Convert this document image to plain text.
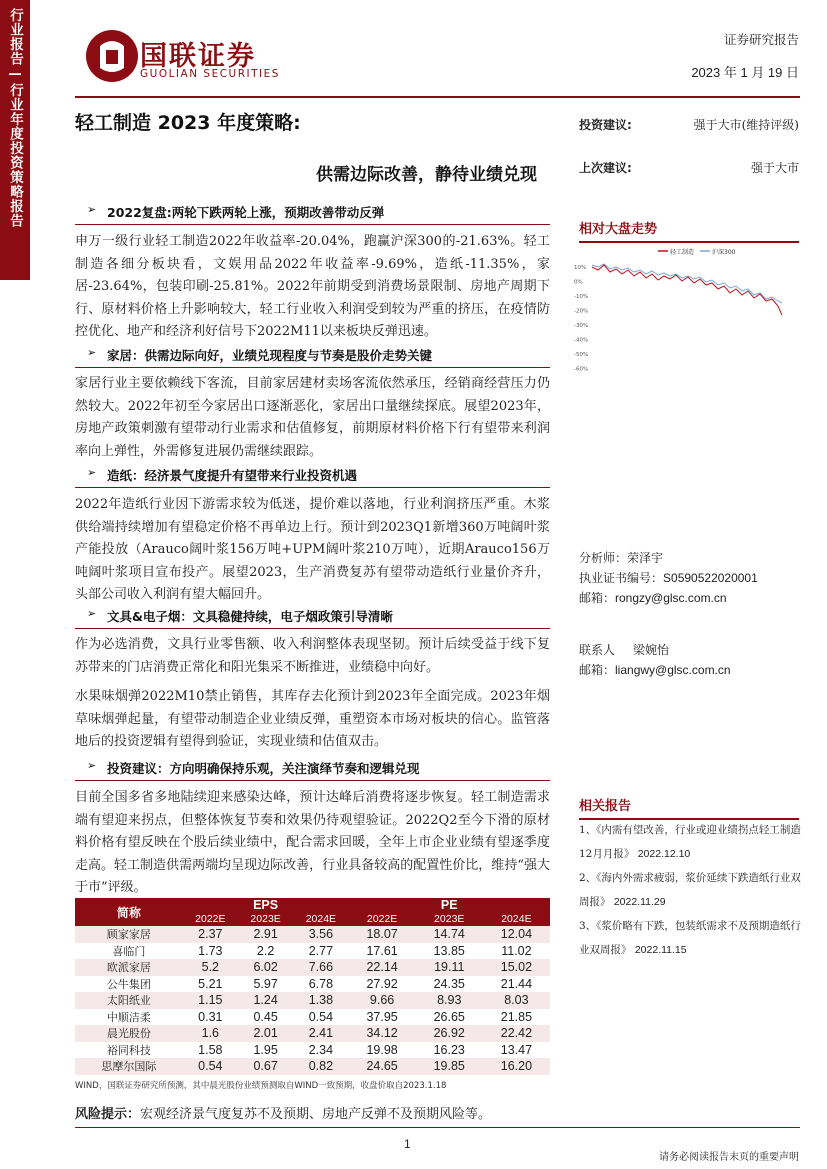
行业报告—行业年度投资策略报告	国联证券
GUOLIAN SECURITIES
证券研究报告
2023 年 1 月 19 日
轻工制造 2023 年度策略:
供需边际改善，静待业绩兑现
投资建议:	强于大市(维持评级)
上次建议:	强于大市
➢ 2022复盘:两轮下跌两轮上涨，预期改善带动反弹
申万一级行业轻工制造2022年收益率-20.04%，跑赢沪深300的-21.63%。轻工制造各细分板块看，文娱用品2022年收益率-9.69%，造纸-11.35%，家居-23.64%，包装印刷-25.81%。2022年前期受到消费场景限制、房地产周期下行、原材料价格上升影响较大，轻工行业收入利润受到较为严重的挤压，在疫情防控优化、地产和经济利好信号下2022M11以来板块反弹迅速。
➢ 家居：供需边际向好，业绩兑现程度与节奏是股价走势关键
家居行业主要依赖线下客流，目前家居建材卖场客流依然承压，经销商经营压力仍然较大。2022年初至今家居出口逐渐恶化，家居出口量继续探底。展望2023年，房地产政策刺激有望带动行业需求和估值修复，前期原材料价格下行有望带来利润率向上弹性，外需修复进展仍需继续跟踪。
➢ 造纸：经济景气度提升有望带来行业投资机遇
2022年造纸行业因下游需求较为低迷，提价难以落地，行业利润挤压严重。木浆供给端持续增加有望稳定价格不再单边上行。预计到2023Q1新增360万吨阔叶浆产能投放（Arauco阔叶浆156万吨+UPM阔叶浆210万吨），近期Arauco156万吨阔叶浆项目宣布投产。展望2023，生产消费复苏有望带动造纸行业量价齐升，头部公司收入利润有望大幅回升。
➢ 文具&电子烟：文具稳健持续，电子烟政策引导清晰
作为必选消费，文具行业零售额、收入利润整体表现坚韧。预计后续受益于线下复苏带来的门店消费正常化和阳光集采不断推进，业绩稳中向好。
水果味烟弹2022M10禁止销售，其库存去化预计到2023年全面完成。2023年烟草味烟弹起量，有望带动制造企业业绩反弹，重塑资本市场对板块的信心。监管落地后的投资逻辑有望得到验证，实现业绩和估值双击。
➢ 投资建议：方向明确保持乐观，关注演绎节奏和逻辑兑现
目前全国多省多地陆续迎来感染达峰，预计达峰后消费将逐步恢复。轻工制造需求端有望迎来拐点，但整体恢复节奏和效果仍待观望验证。2022Q2至今下滑的原材料价格有望反映在个股后续业绩中，配合需求回暖，全年上市企业业绩有望逐季度走高。轻工制造供需两端均呈现边际改善，行业具备较高的配置性价比，维持“强大于市”评级。
相对大盘走势
10%
0%
-10%
-20%
-30%
-40%
-50%
-60%
轻工制造	沪深300
分析师：荣泽宇
执业证书编号：S0590522020001
邮箱：rongzy@glsc.com.cn
联系人 梁婉怡
邮箱：liangwy@glsc.com.cn
相关报告
1、《内需有望改善，行业或迎业绩拐点轻工制造12月月报》 2022.12.10
2、《海内外需求疲弱，浆价延续下跌造纸行业双周报》 2022.11.29
3、《浆价略有下跌，包装纸需求不及预期造纸行业双周报》 2022.11.15
简称	EPS			PE		
	2022E	2023E	2024E	2022E	2023E	2024E
顾家家居	2.37	2.91	3.56	18.07	14.74	12.04
喜临门	1.73	2.2	2.77	17.61	13.85	11.02
欧派家居	5.2	6.02	7.66	22.14	19.11	15.02
公牛集团	5.21	5.97	6.78	27.92	24.35	21.44
太阳纸业	1.15	1.24	1.38	9.66	8.93	8.03
中顺洁柔	0.31	0.45	0.54	37.95	26.65	21.85
晨光股份	1.6	2.01	2.41	34.12	26.92	22.42
裕同科技	1.58	1.95	2.34	19.98	16.23	13.47
思摩尔国际	0.54	0.67	0.82	24.65	19.85	16.20
WIND，国联证券研究所预测，其中晨光股份业绩预测取自WIND一致预期，收盘价取自2023.1.18
风险提示：宏观经济景气度复苏不及预期、房地产反弹不及预期风险等。
1
请务必阅读报告末页的重要声明
